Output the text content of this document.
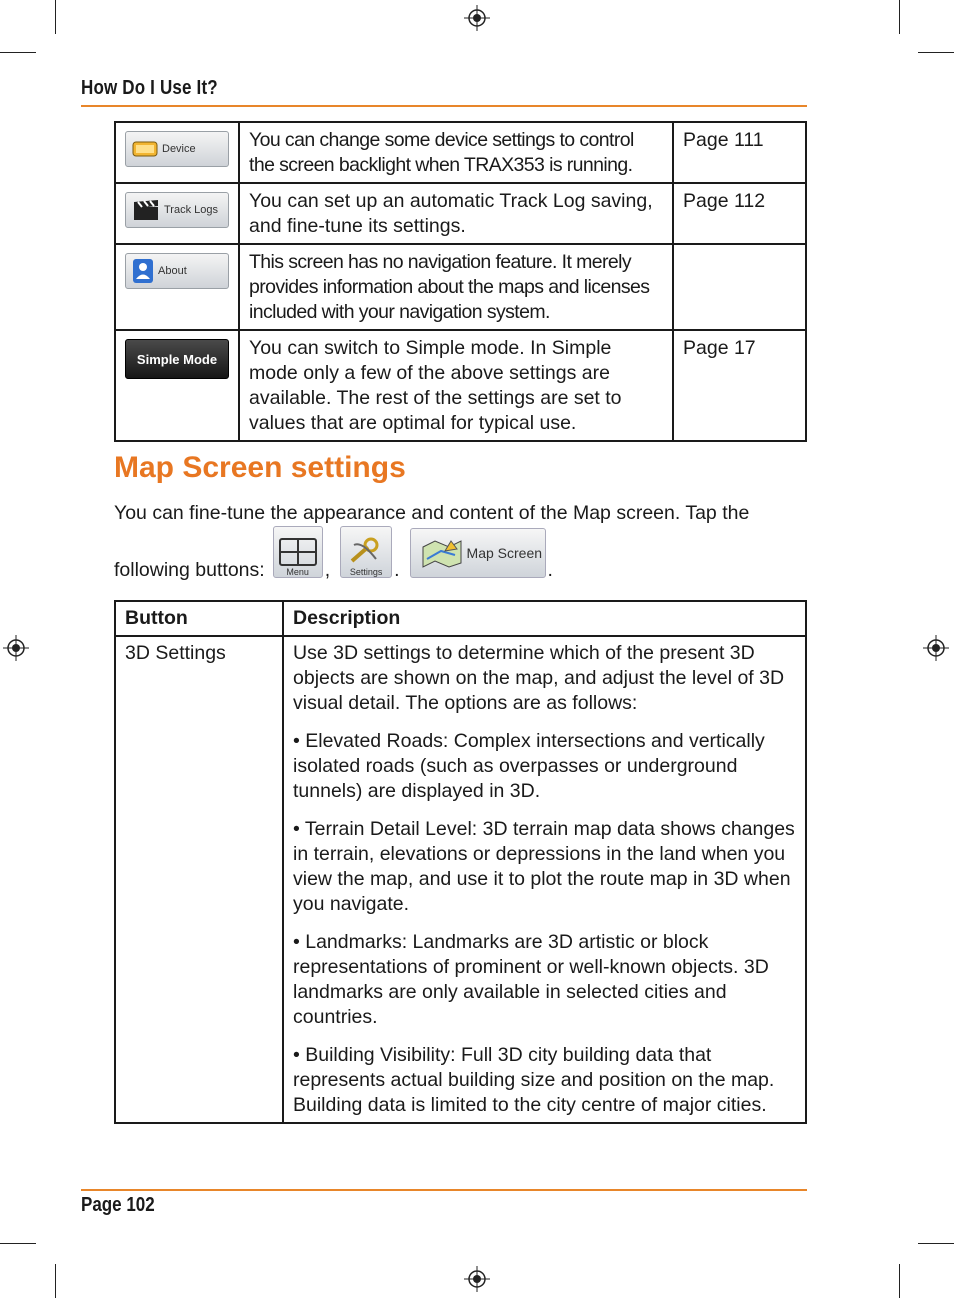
How Do I Use It?
Device	You can change some device settings to control the screen backlight when TRAX353 is running.	Page 111

Track Logs	You can set up an automatic Track Log saving, and fine-tune its settings.	Page 112

About	This screen has no navigation feature. It merely provides information about the maps and licenses included with your navigation system.	

Simple Mode	You can switch to Simple mode. In Simple mode only a few of the above settings are available. The rest of the settings are set to values that are optimal for typical use.	Page 17
Map Screen settings

You can fine-tune the appearance and content of the Map screen. Tap the

following buttons: Menu , Settings .
Map Screen
.
Button	Description
3D Settings	Use 3D settings to determine which of the present 3D objects are shown on the map, and adjust the level of 3D visual detail. The options are as follows:

• Elevated Roads: Complex intersections and vertically isolated roads (such as overpasses or underground tunnels) are displayed in 3D.

• Terrain Detail Level: 3D terrain map data shows changes in terrain, elevations or depressions in the land when you view the map, and use it to plot the route map in 3D when you navigate.

• Landmarks: Landmarks are 3D artistic or block representations of prominent or well-known objects. 3D landmarks are only available in selected cities and countries.

• Building Visibility: Full 3D city building data that represents actual building size and position on the map. Building data is limited to the city centre of major cities.

Page 102
